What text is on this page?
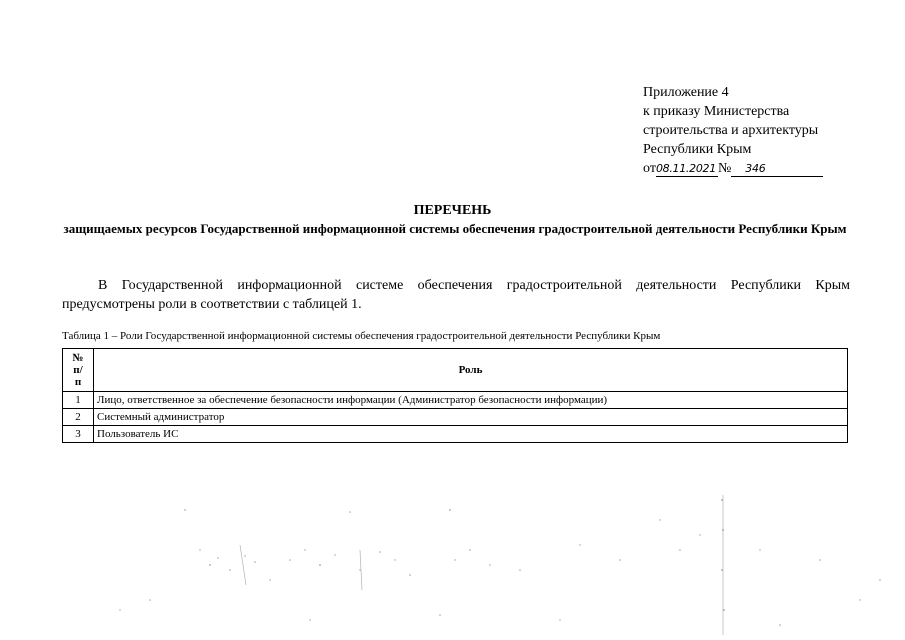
Приложение 4
к приказу Министерства
строительства и архитектуры
Республики Крым
от08.11.2021 № 346
ПЕРЕЧЕНЬ
защищаемых ресурсов Государственной информационной системы обеспечения градостроительной деятельности Республики Крым
В Государственной информационной системе обеспечения градостроительной деятельности Республики Крым предусмотрены роли в соответствии с таблицей 1.
Таблица 1 – Роли Государственной информационной системы обеспечения градостроительной деятельности Республики Крым
№
п/
п	Роль
1	Лицо, ответственное за обеспечение безопасности информации (Администратор безопасности информации)
2	Системный администратор
3	Пользователь ИС
